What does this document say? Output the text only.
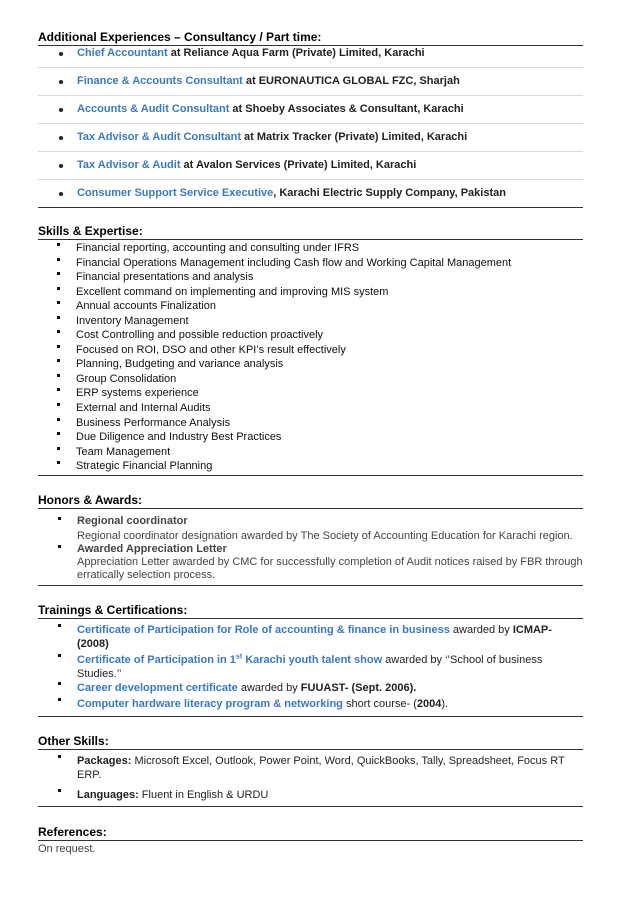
Additional Experiences – Consultancy / Part time:
Chief Accountant at Reliance Aqua Farm (Private) Limited, Karachi
Finance & Accounts Consultant at EURONAUTICA GLOBAL FZC, Sharjah
Accounts & Audit Consultant at Shoeby Associates & Consultant, Karachi
Tax Advisor & Audit Consultant at Matrix Tracker (Private) Limited, Karachi
Tax Advisor & Audit at Avalon Services (Private) Limited, Karachi
Consumer Support Service Executive, Karachi Electric Supply Company, Pakistan
Skills & Expertise:
Financial reporting, accounting and consulting under IFRS
Financial Operations Management including Cash flow and Working Capital Management
Financial presentations and analysis
Excellent command on implementing and improving MIS system
Annual accounts Finalization
Inventory Management
Cost Controlling and possible reduction proactively
Focused on ROI, DSO and other KPI’s result effectively
Planning, Budgeting and variance analysis
Group Consolidation
ERP systems experience
External and Internal Audits
Business Performance Analysis
Due Diligence and Industry Best Practices
Team Management
Strategic Financial Planning
Honors & Awards:
Regional coordinator
Regional coordinator designation awarded by The Society of Accounting Education for Karachi region.
Awarded Appreciation Letter
Appreciation Letter awarded by CMC for successfully completion of Audit notices raised by FBR through erratically selection process.
Trainings & Certifications:
Certificate of Participation for Role of accounting & finance in business awarded by ICMAP- (2008)
Certificate of Participation in 1st Karachi youth talent show awarded by ‘’School of business Studies.’’
Career development certificate awarded by FUUAST- (Sept. 2006).
Computer hardware literacy program & networking short course- (2004).
Other Skills:
Packages: Microsoft Excel, Outlook, Power Point, Word, QuickBooks, Tally, Spreadsheet, Focus RT ERP.
Languages: Fluent in English & URDU
References:
On request.
